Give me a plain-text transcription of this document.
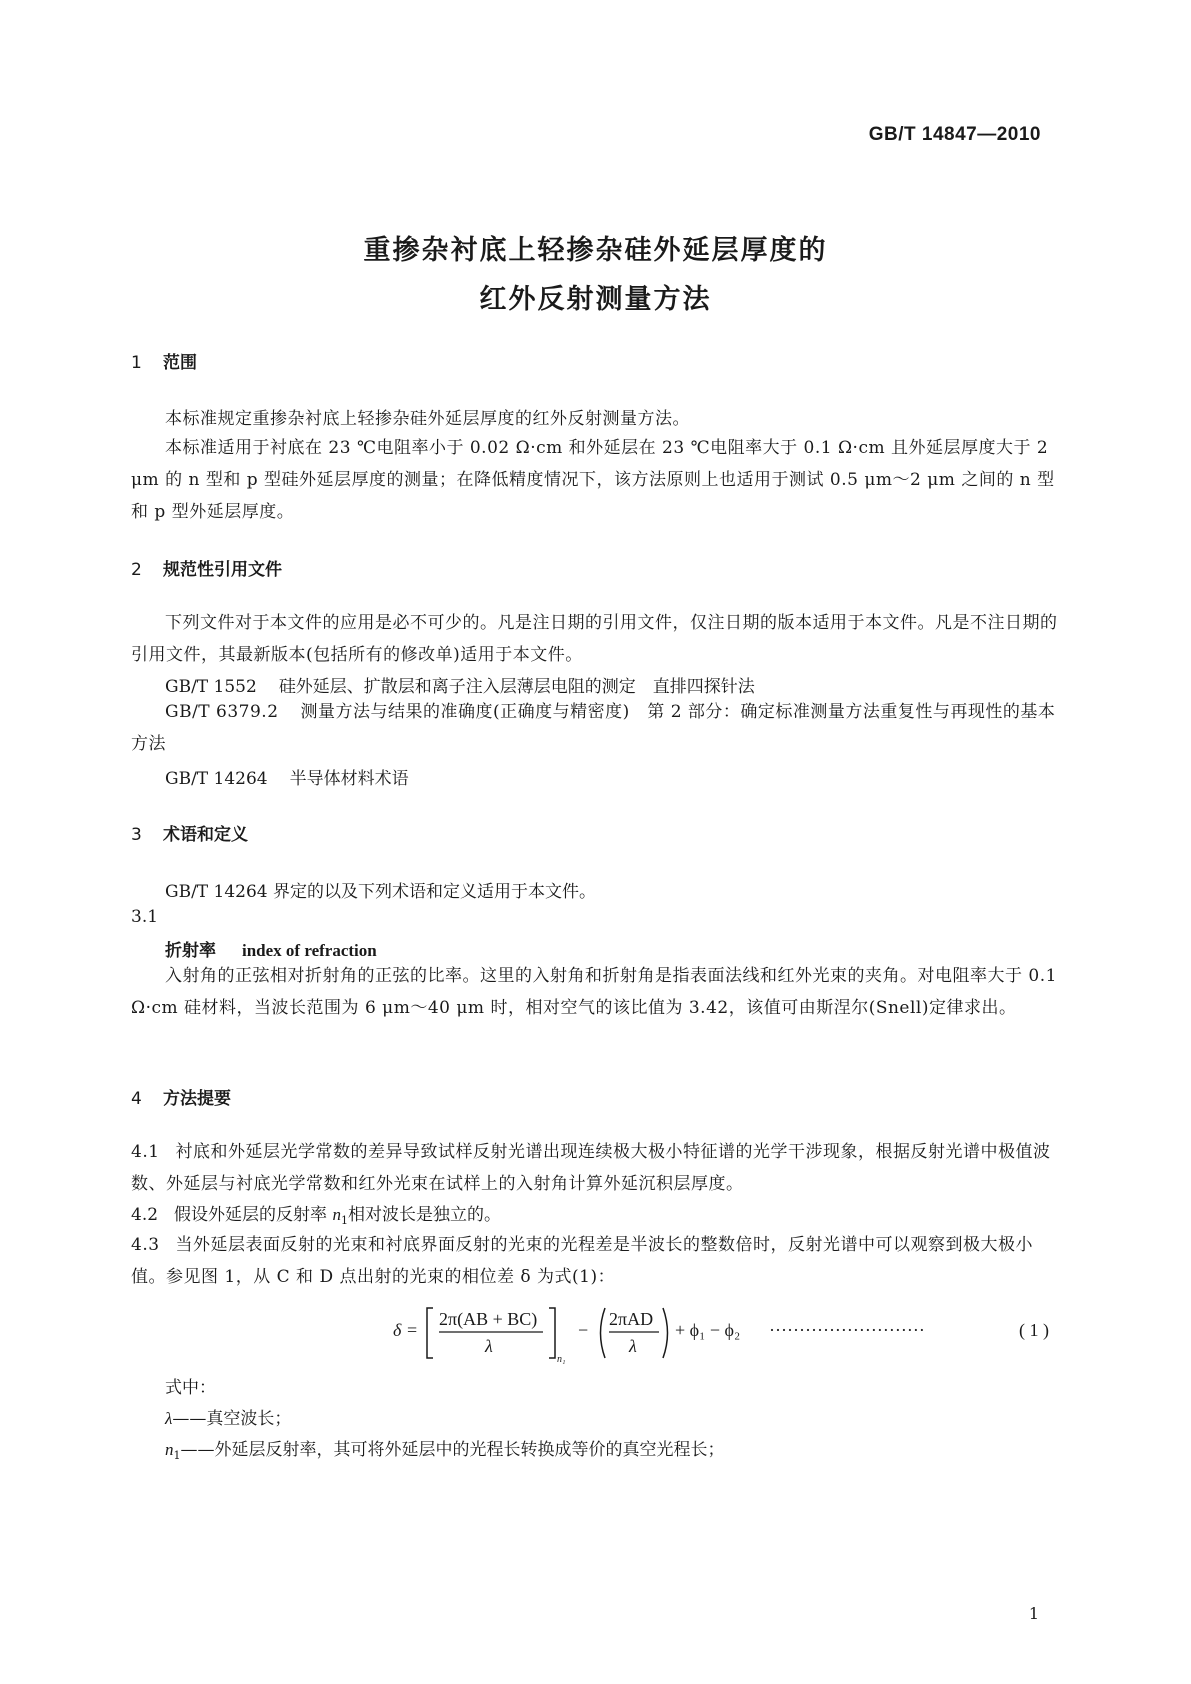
GB/T 14847—2010
重掺杂衬底上轻掺杂硅外延层厚度的
红外反射测量方法
1 范围
本标准规定重掺杂衬底上轻掺杂硅外延层厚度的红外反射测量方法。
本标准适用于衬底在 23 ℃电阻率小于 0.02 Ω·cm 和外延层在 23 ℃电阻率大于 0.1 Ω·cm 且外延层厚度大于 2 μm 的 n 型和 p 型硅外延层厚度的测量；在降低精度情况下，该方法原则上也适用于测试 0.5 μm～2 μm 之间的 n 型和 p 型外延层厚度。
2 规范性引用文件
下列文件对于本文件的应用是必不可少的。凡是注日期的引用文件，仅注日期的版本适用于本文件。凡是不注日期的引用文件，其最新版本(包括所有的修改单)适用于本文件。
GB/T 1552 硅外延层、扩散层和离子注入层薄层电阻的测定　直排四探针法
GB/T 6379.2 测量方法与结果的准确度(正确度与精密度)　第 2 部分：确定标准测量方法重复性与再现性的基本方法
GB/T 14264 半导体材料术语
3 术语和定义
GB/T 14264 界定的以及下列术语和定义适用于本文件。
3.1
折射率 index of refraction
入射角的正弦相对折射角的正弦的比率。这里的入射角和折射角是指表面法线和红外光束的夹角。对电阻率大于 0.1 Ω·cm 硅材料，当波长范围为 6 μm～40 μm 时，相对空气的该比值为 3.42，该值可由斯涅尔(Snell)定律求出。
4 方法提要
4.1 衬底和外延层光学常数的差异导致试样反射光谱出现连续极大极小特征谱的光学干涉现象，根据反射光谱中极值波数、外延层与衬底光学常数和红外光束在试样上的入射角计算外延沉积层厚度。
4.2 假设外延层的反射率 $n_1$相对波长是独立的。
4.3 当外延层表面反射的光束和衬底界面反射的光束的光程差是半波长的整数倍时，反射光谱中可以观察到极大极小值。参见图 1，从 C 和 D 点出射的光束的相位差 δ 为式(1)：
δ =
2π(AB + BC)
λ
n₁
−
2πAD
λ
+ ϕ₁ − ϕ₂ ··························	( 1 )
式中：
λ——真空波长；
$n_1——$外延层反射率，其可将外延层中的光程长转换成等价的真空光程长；
1
